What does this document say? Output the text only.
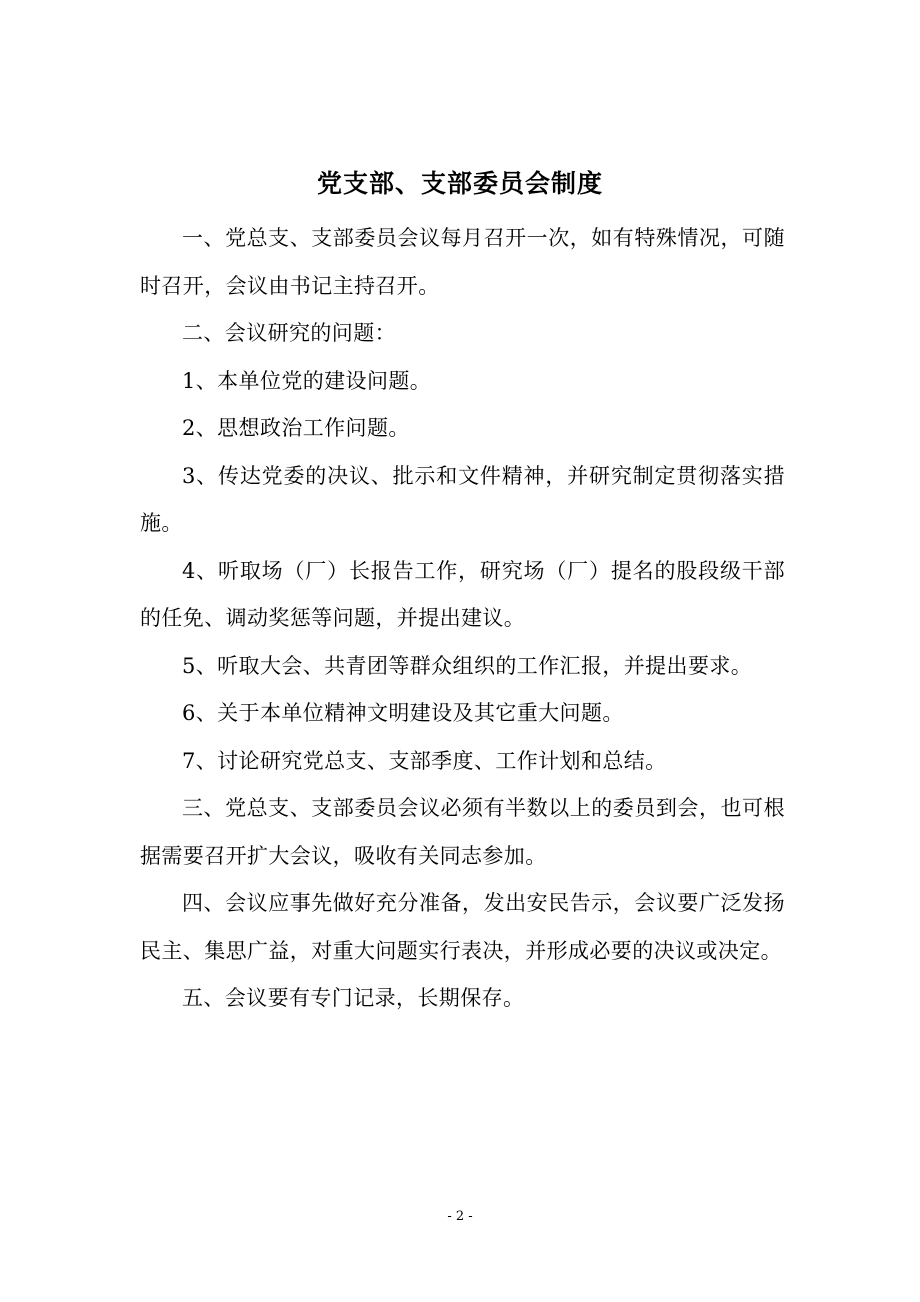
党支部、支部委员会制度

一、党总支、支部委员会议每月召开一次，如有特殊情况，可随时召开，会议由书记主持召开。

二、会议研究的问题：

1、本单位党的建设问题。

2、思想政治工作问题。

3、传达党委的决议、批示和文件精神，并研究制定贯彻落实措施。

4、听取场（厂）长报告工作，研究场（厂）提名的股段级干部的任免、调动奖惩等问题，并提出建议。

5、听取大会、共青团等群众组织的工作汇报，并提出要求。

6、关于本单位精神文明建设及其它重大问题。

7、讨论研究党总支、支部季度、工作计划和总结。

三、党总支、支部委员会议必须有半数以上的委员到会，也可根据需要召开扩大会议，吸收有关同志参加。

四、会议应事先做好充分准备，发出安民告示，会议要广泛发扬民主、集思广益，对重大问题实行表决，并形成必要的决议或决定。

五、会议要有专门记录，长期保存。

- 2 -
